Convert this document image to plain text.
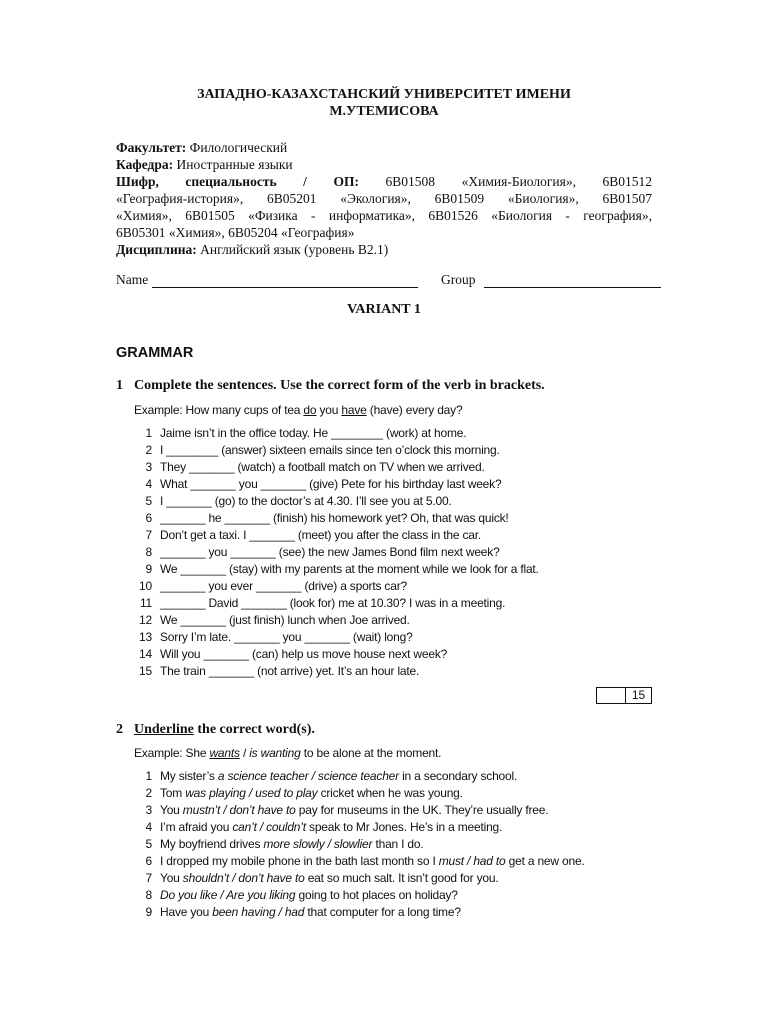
ЗАПАДНО-КАЗАХСТАНСКИЙ УНИВЕРСИТЕТ ИМЕНИ
М.УТЕМИСОВА
Факультет: Филологический
Кафедра: Иностранные языки
Шифр, специальность / ОП: 6В01508 «Химия-Биология», 6В01512
«География-история», 6В05201 «Экология», 6В01509 «Биология», 6В01507
«Химия», 6В01505 «Физика - информатика», 6В01526 «Биология - география»,
6В05301 «Химия», 6В05204 «География»
Дисциплина: Английский язык (уровень В2.1)
Name	Group
VARIANT 1
GRAMMAR
1 Complete the sentences. Use the correct form of the verb in brackets.
Example: How many cups of tea do you have (have) every day?
1 Jaime isn’t in the office today. He ________ (work) at home.
2 I ________ (answer) sixteen emails since ten o’clock this morning.
3 They _______ (watch) a football match on TV when we arrived.
4 What _______ you _______ (give) Pete for his birthday last week?
5 I _______ (go) to the doctor’s at 4.30. I’ll see you at 5.00.
6 _______ he _______ (finish) his homework yet? Oh, that was quick!
7 Don’t get a taxi. I _______ (meet) you after the class in the car.
8 _______ you _______ (see) the new James Bond film next week?
9 We _______ (stay) with my parents at the moment while we look for a flat.
10 _______ you ever _______ (drive) a sports car?
11 _______ David _______ (look for) me at 10.30? I was in a meeting.
12 We _______ (just finish) lunch when Joe arrived.
13 Sorry I’m late. _______ you _______ (wait) long?
14 Will you _______ (can) help us move house next week?
15 The train _______ (not arrive) yet. It’s an hour late.
15
2 Underline the correct word(s).
Example: She wants / is wanting to be alone at the moment.
1 My sister’s a science teacher / science teacher in a secondary school.
2 Tom was playing / used to play cricket when he was young.
3 You mustn’t / don’t have to pay for museums in the UK. They’re usually free.
4 I’m afraid you can’t / couldn’t speak to Mr Jones. He’s in a meeting.
5 My boyfriend drives more slowly / slowlier than I do.
6 I dropped my mobile phone in the bath last month so I must / had to get a new one.
7 You shouldn’t / don’t have to eat so much salt. It isn’t good for you.
8 Do you like / Are you liking going to hot places on holiday?
9 Have you been having / had that computer for a long time?
